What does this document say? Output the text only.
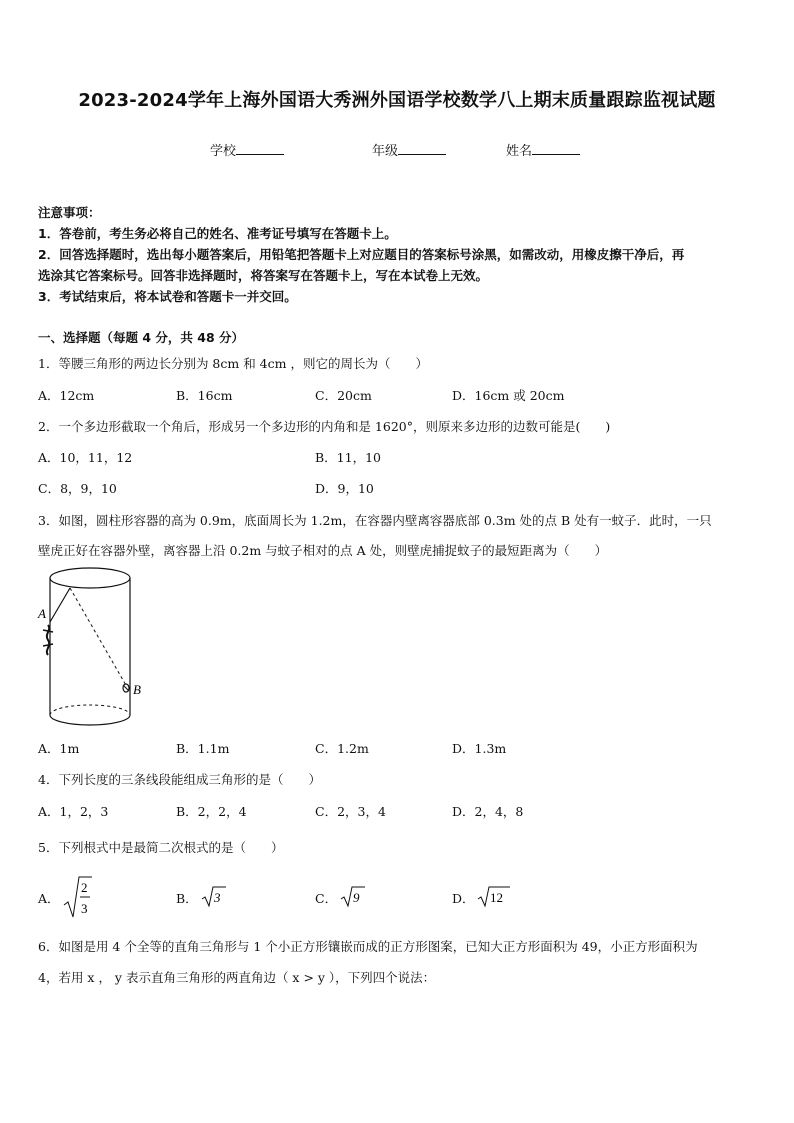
2023-2024学年上海外国语大秀洲外国语学校数学八上期末质量跟踪监视试题
学校	年级	姓名
注意事项：
1．答卷前，考生务必将自己的姓名、准考证号填写在答题卡上。
2．回答选择题时，选出每小题答案后，用铅笔把答题卡上对应题目的答案标号涂黑，如需改动，用橡皮擦干净后，再
选涂其它答案标号。回答非选择题时，将答案写在答题卡上，写在本试卷上无效。
3．考试结束后，将本试卷和答题卡一并交回。
一、选择题（每题 4 分，共 48 分）
1．等腰三角形的两边长分别为 8cm 和 4cm ，则它的周长为（　　）
A．12cm	B．16cm	C．20cm	D．16cm 或 20cm
2．一个多边形截取一个角后，形成另一个多边形的内角和是 1620°，则原来多边形的边数可能是(　　)
A．10，11，12	B．11，10
C．8，9，10	D．9，10
3．如图，圆柱形容器的高为 0.9m，底面周长为 1.2m，在容器内壁离容器底部 0.3m 处的点 B 处有一蚊子．此时，一只
壁虎正好在容器外壁，离容器上沿 0.2m 与蚊子相对的点 A 处，则壁虎捕捉蚊子的最短距离为（　　）
A
B
A．1m	B．1.1m	C．1.2m	D．1.3m
4．下列长度的三条线段能组成三角形的是（　　）
A．1，2，3	B．2，2，4	C．2，3，4	D．2，4，8
5．下列根式中是最简二次根式的是（　　）
A．
2
3
B． 3	C． 9	D． 12
6．如图是用 4 个全等的直角三角形与 1 个小正方形镶嵌而成的正方形图案，已知大正方形面积为 49，小正方形面积为
4，若用 x ， y 表示直角三角形的两直角边（ x > y ），下列四个说法：
